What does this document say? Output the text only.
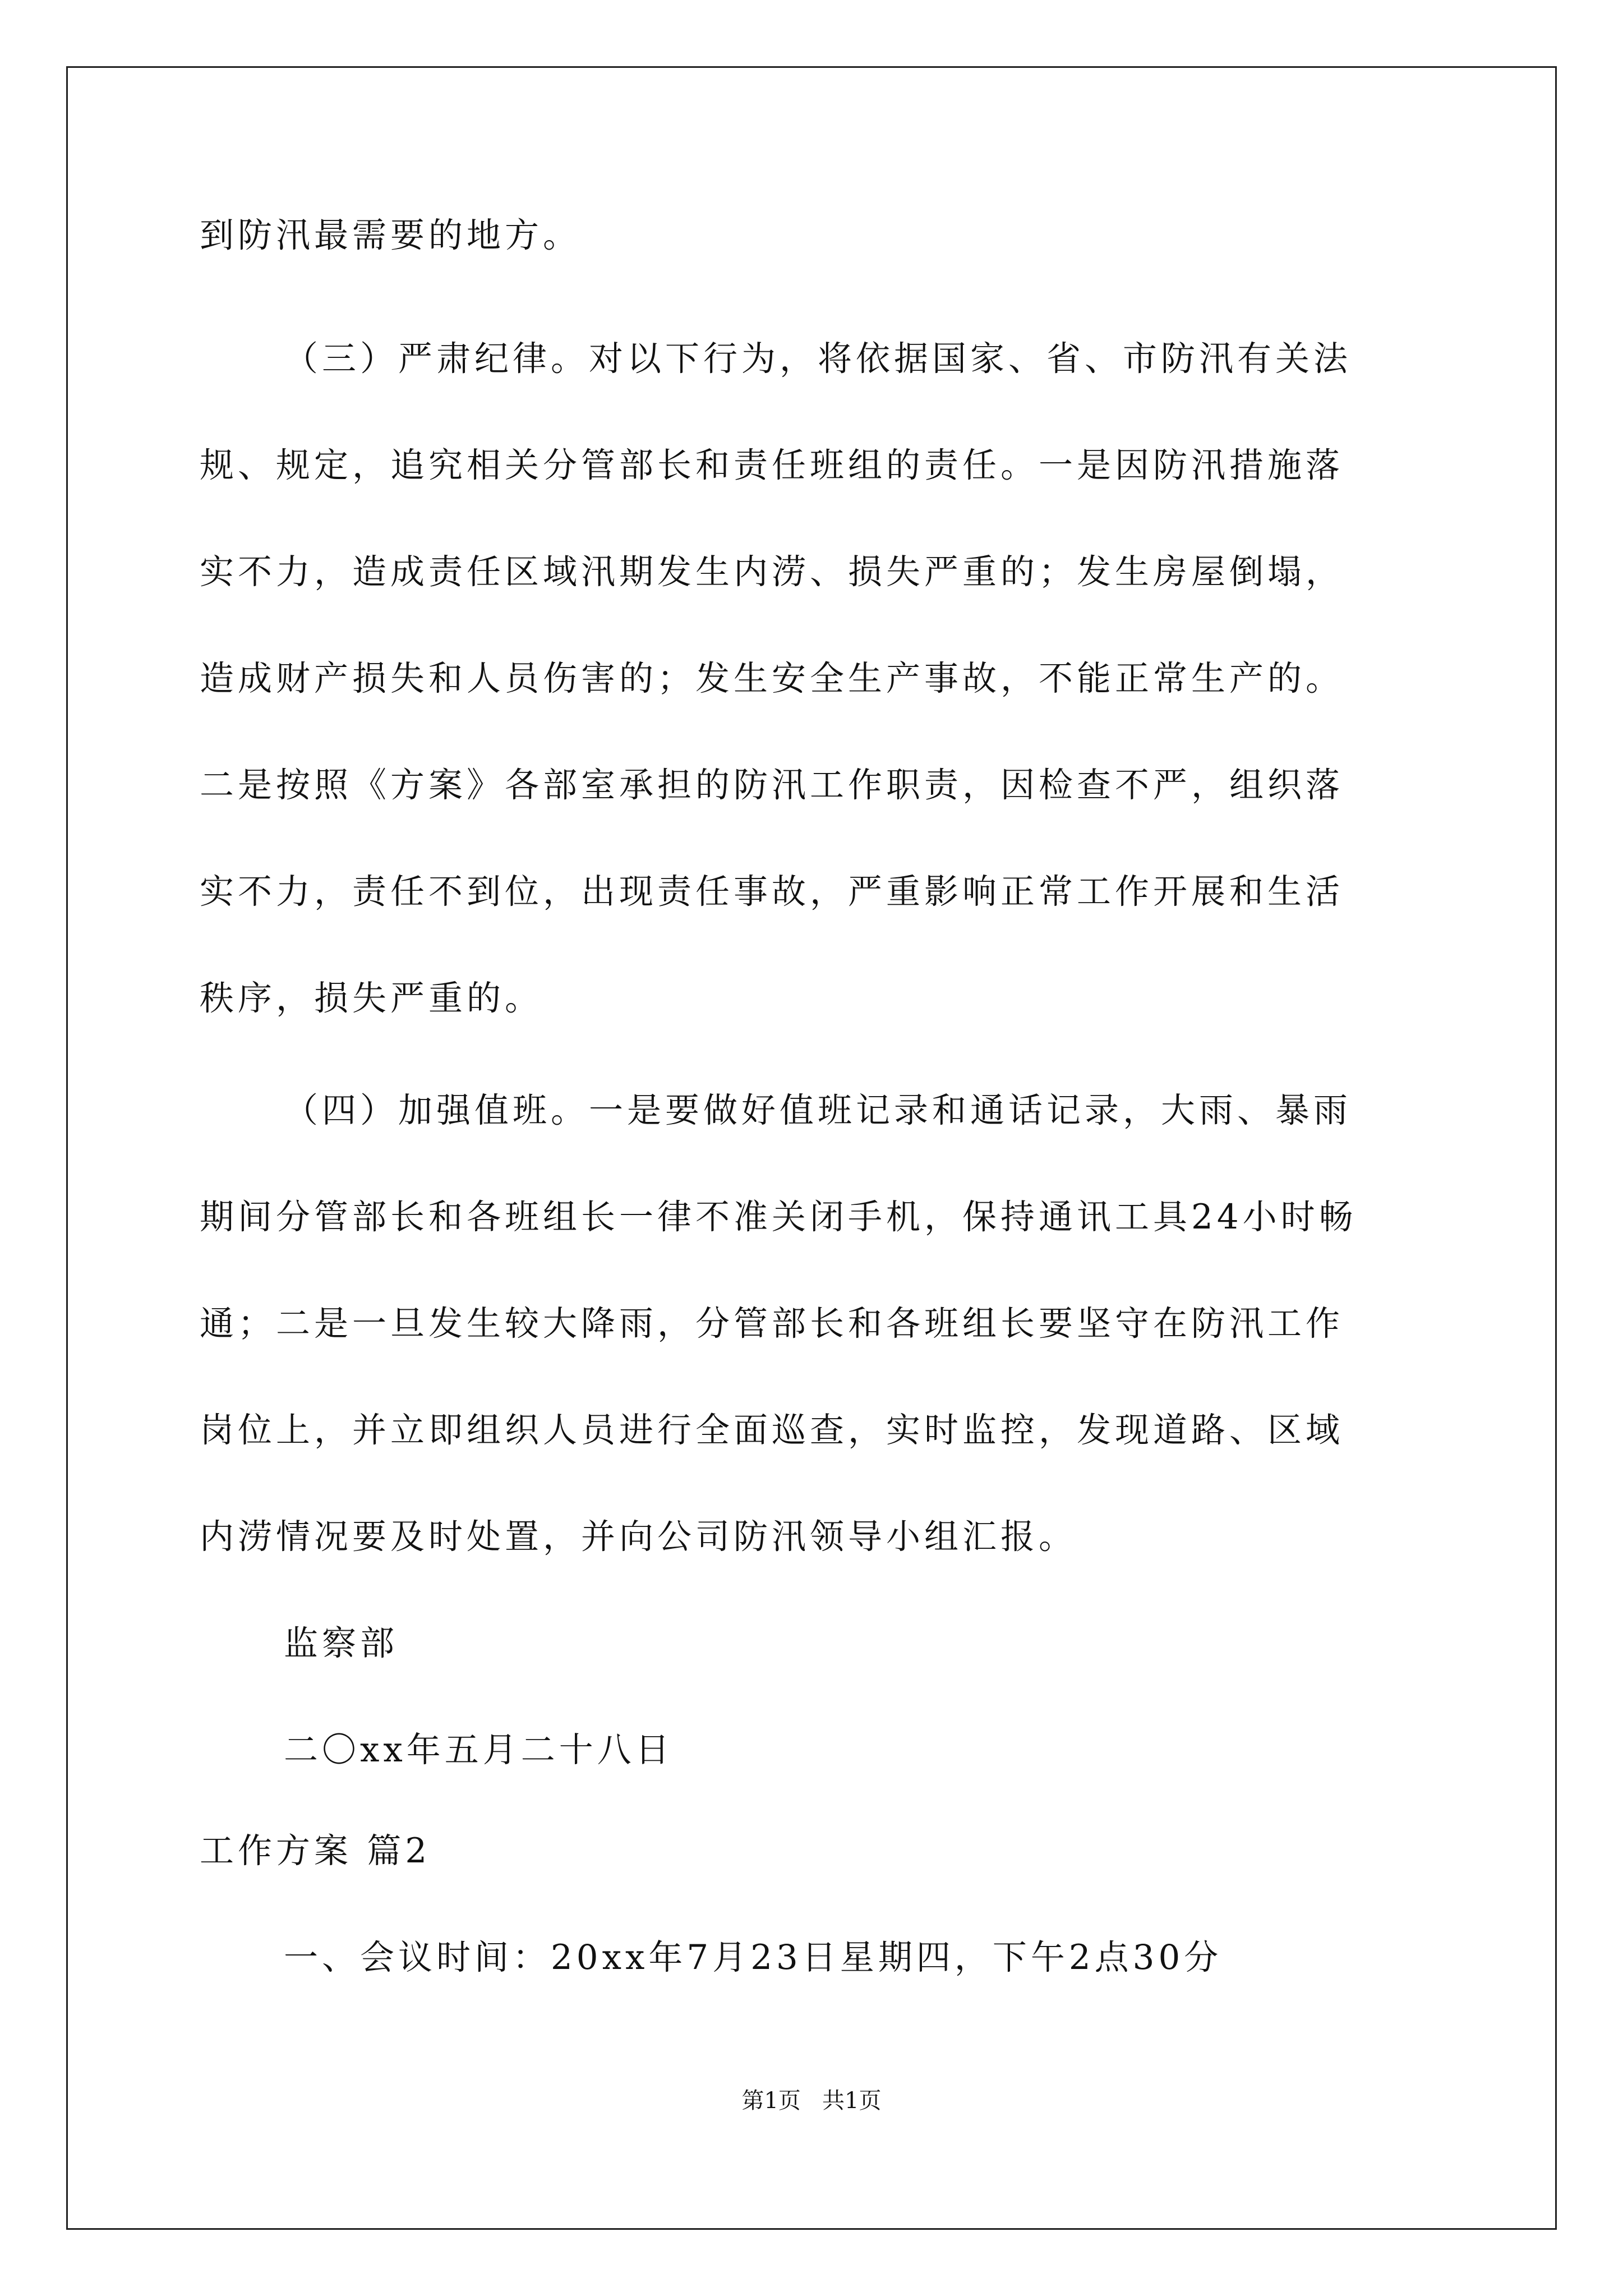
到防汛最需要的地方。
（三）严肃纪律。对以下行为，将依据国家、省、市防汛有关法
规、规定，追究相关分管部长和责任班组的责任。一是因防汛措施落
实不力，造成责任区域汛期发生内涝、损失严重的；发生房屋倒塌，
造成财产损失和人员伤害的；发生安全生产事故，不能正常生产的。
二是按照《方案》各部室承担的防汛工作职责，因检查不严，组织落
实不力，责任不到位，出现责任事故，严重影响正常工作开展和生活
秩序，损失严重的。
（四）加强值班。一是要做好值班记录和通话记录，大雨、暴雨
期间分管部长和各班组长一律不准关闭手机，保持通讯工具24小时畅
通；二是一旦发生较大降雨，分管部长和各班组长要坚守在防汛工作
岗位上，并立即组织人员进行全面巡查，实时监控，发现道路、区域
内涝情况要及时处置，并向公司防汛领导小组汇报。
监察部
二〇xx年五月二十八日
工作方案 篇2
一、会议时间：20xx年7月23日星期四，下午2点30分
第1页   共1页
